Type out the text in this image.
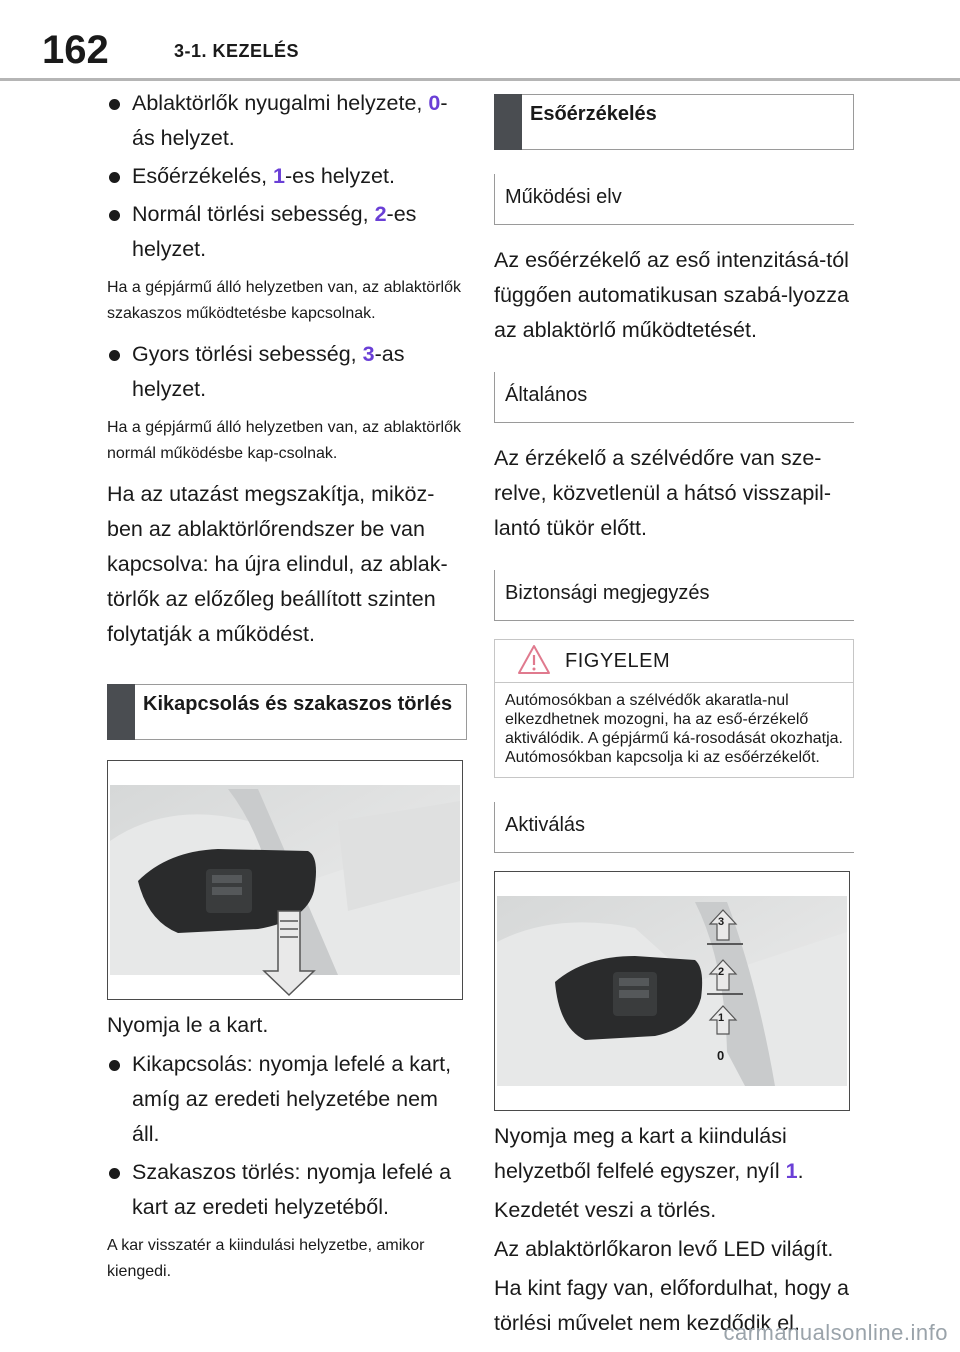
162	3-1. KEZELÉS
Ablaktörlők nyugalmi helyzete, 0-ás helyzet.
Esőérzékelés, 1-es helyzet.
Normál törlési sebesség, 2-es helyzet.
Ha a gépjármű álló helyzetben van, az ablaktörlők szakaszos működtetésbe kapcsolnak.
Gyors törlési sebesség, 3-as helyzet.
Ha a gépjármű álló helyzetben van, az ablaktörlők normál működésbe kap-csolnak.
Ha az utazást megszakítja, miköz-ben az ablaktörlőrendszer be van kapcsolva: ha újra elindul, az ablak-törlők az előzőleg beállított szinten folytatják a működést.
Kikapcsolás és szakaszos törlés
Nyomja le a kart.
Kikapcsolás: nyomja lefelé a kart, amíg az eredeti helyzetébe nem áll.
Szakaszos törlés: nyomja lefelé a kart az eredeti helyzetéből.
A kar visszatér a kiindulási helyzetbe, amikor kiengedi.
Esőérzékelés
Működési elv
Az esőérzékelő az eső intenzitásá-tól függően automatikusan szabá-lyozza az ablaktörlő működtetését.
Általános
Az érzékelő a szélvédőre van sze-relve, közvetlenül a hátsó visszapil-lantó tükör előtt.
Biztonsági megjegyzés
FIGYELEM
Autómosókban a szélvédők akaratla-nul elkezdhetnek mozogni, ha az eső-érzékelő aktiválódik. A gépjármű ká-rosodását okozhatja. Autómosókban kapcsolja ki az esőérzékelőt.
Aktiválás
3
2
1
0
Nyomja meg a kart a kiindulási helyzetből felfelé egyszer, nyíl 1.
Kezdetét veszi a törlés.
Az ablaktörlőkaron levő LED világít.
Ha kint fagy van, előfordulhat, hogy a törlési művelet nem kezdődik el.
carmanualsonline.info
